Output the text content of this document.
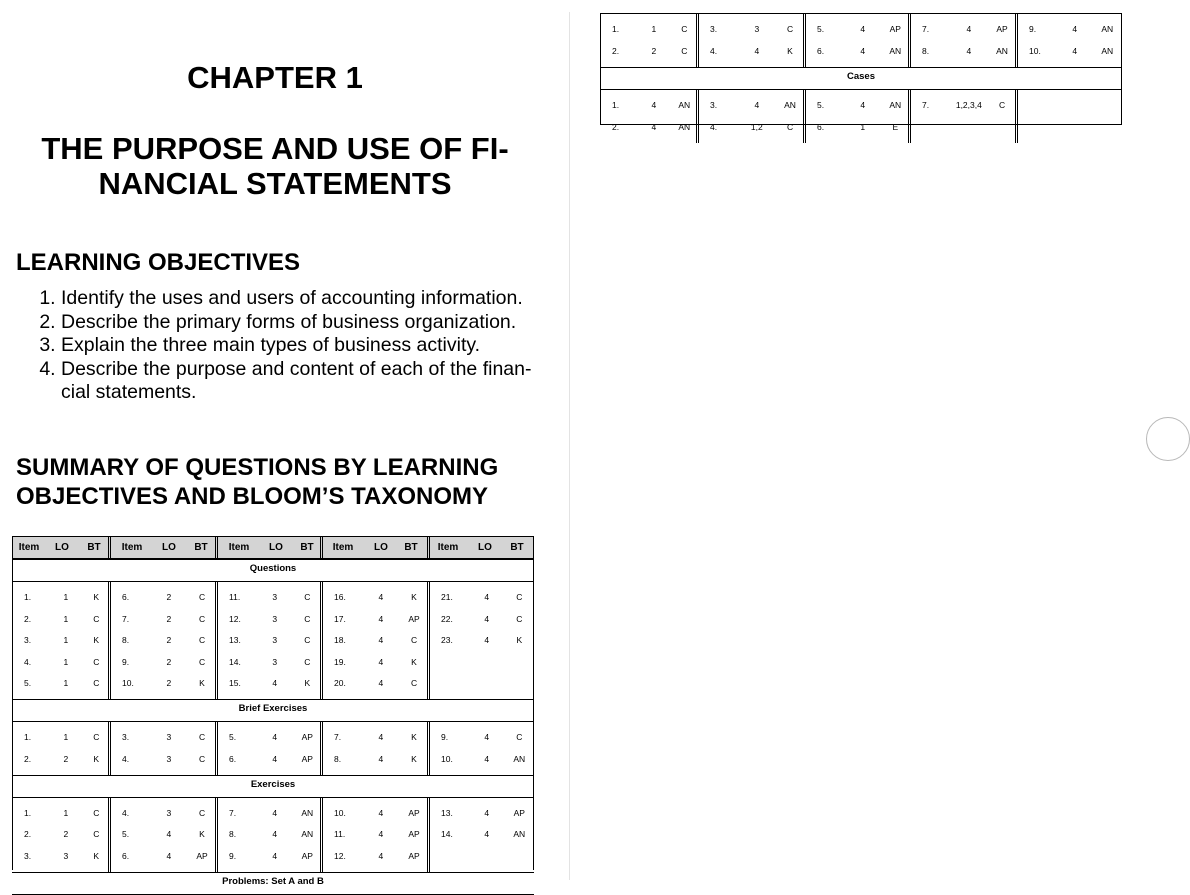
CHAPTER 1
THE PURPOSE AND USE OF FI-
NANCIAL STATEMENTS
LEARNING OBJECTIVES
1. Identify the uses and users of accounting information.
2. Describe the primary forms of business organization.
3. Explain the three main types of business activity.
4. Describe the purpose and content of each of the finan-cial statements.
SUMMARY OF QUESTIONS BY LEARNING
OBJECTIVES AND BLOOM’S TAXONOMY
Item	LO	BT	Item	LO	BT	Item	LO	BT	Item	LO	BT	Item	LO	BT
Questions
1.	1	K	6.	2	C	11.	3	C	16.	4	K	21.	4	C
2.	1	C	7.	2	C	12.	3	C	17.	4	AP	22.	4	C
3.	1	K	8.	2	C	13.	3	C	18.	4	C	23.	4	K
4.	1	C	9.	2	C	14.	3	C	19.	4	K
5.	1	C	10.	2	K	15.	4	K	20.	4	C
Brief Exercises
1.	1	C	3.	3	C	5.	4	AP	7.	4	K	9.	4	C
2.	2	K	4.	3	C	6.	4	AP	8.	4	K	10.	4	AN
Exercises
1.	1	C	4.	3	C	7.	4	AN	10.	4	AP	13.	4	AP
2.	2	C	5.	4	K	8.	4	AN	11.	4	AP	14.	4	AN
3.	3	K	6.	4	AP	9.	4	AP	12.	4	AP
Problems: Set A and B
1.	1	C	3.	3	C	5.	4	AP	7.	4	AP	9.	4	AN
2.	2	C	4.	4	K	6.	4	AN	8.	4	AN	10.	4	AN
Cases
1.	4	AN	3.	4	AN	5.	4	AN	7.	1,2,3,4	C
2.	4	AN	4.	1,2	C	6.	1	E
